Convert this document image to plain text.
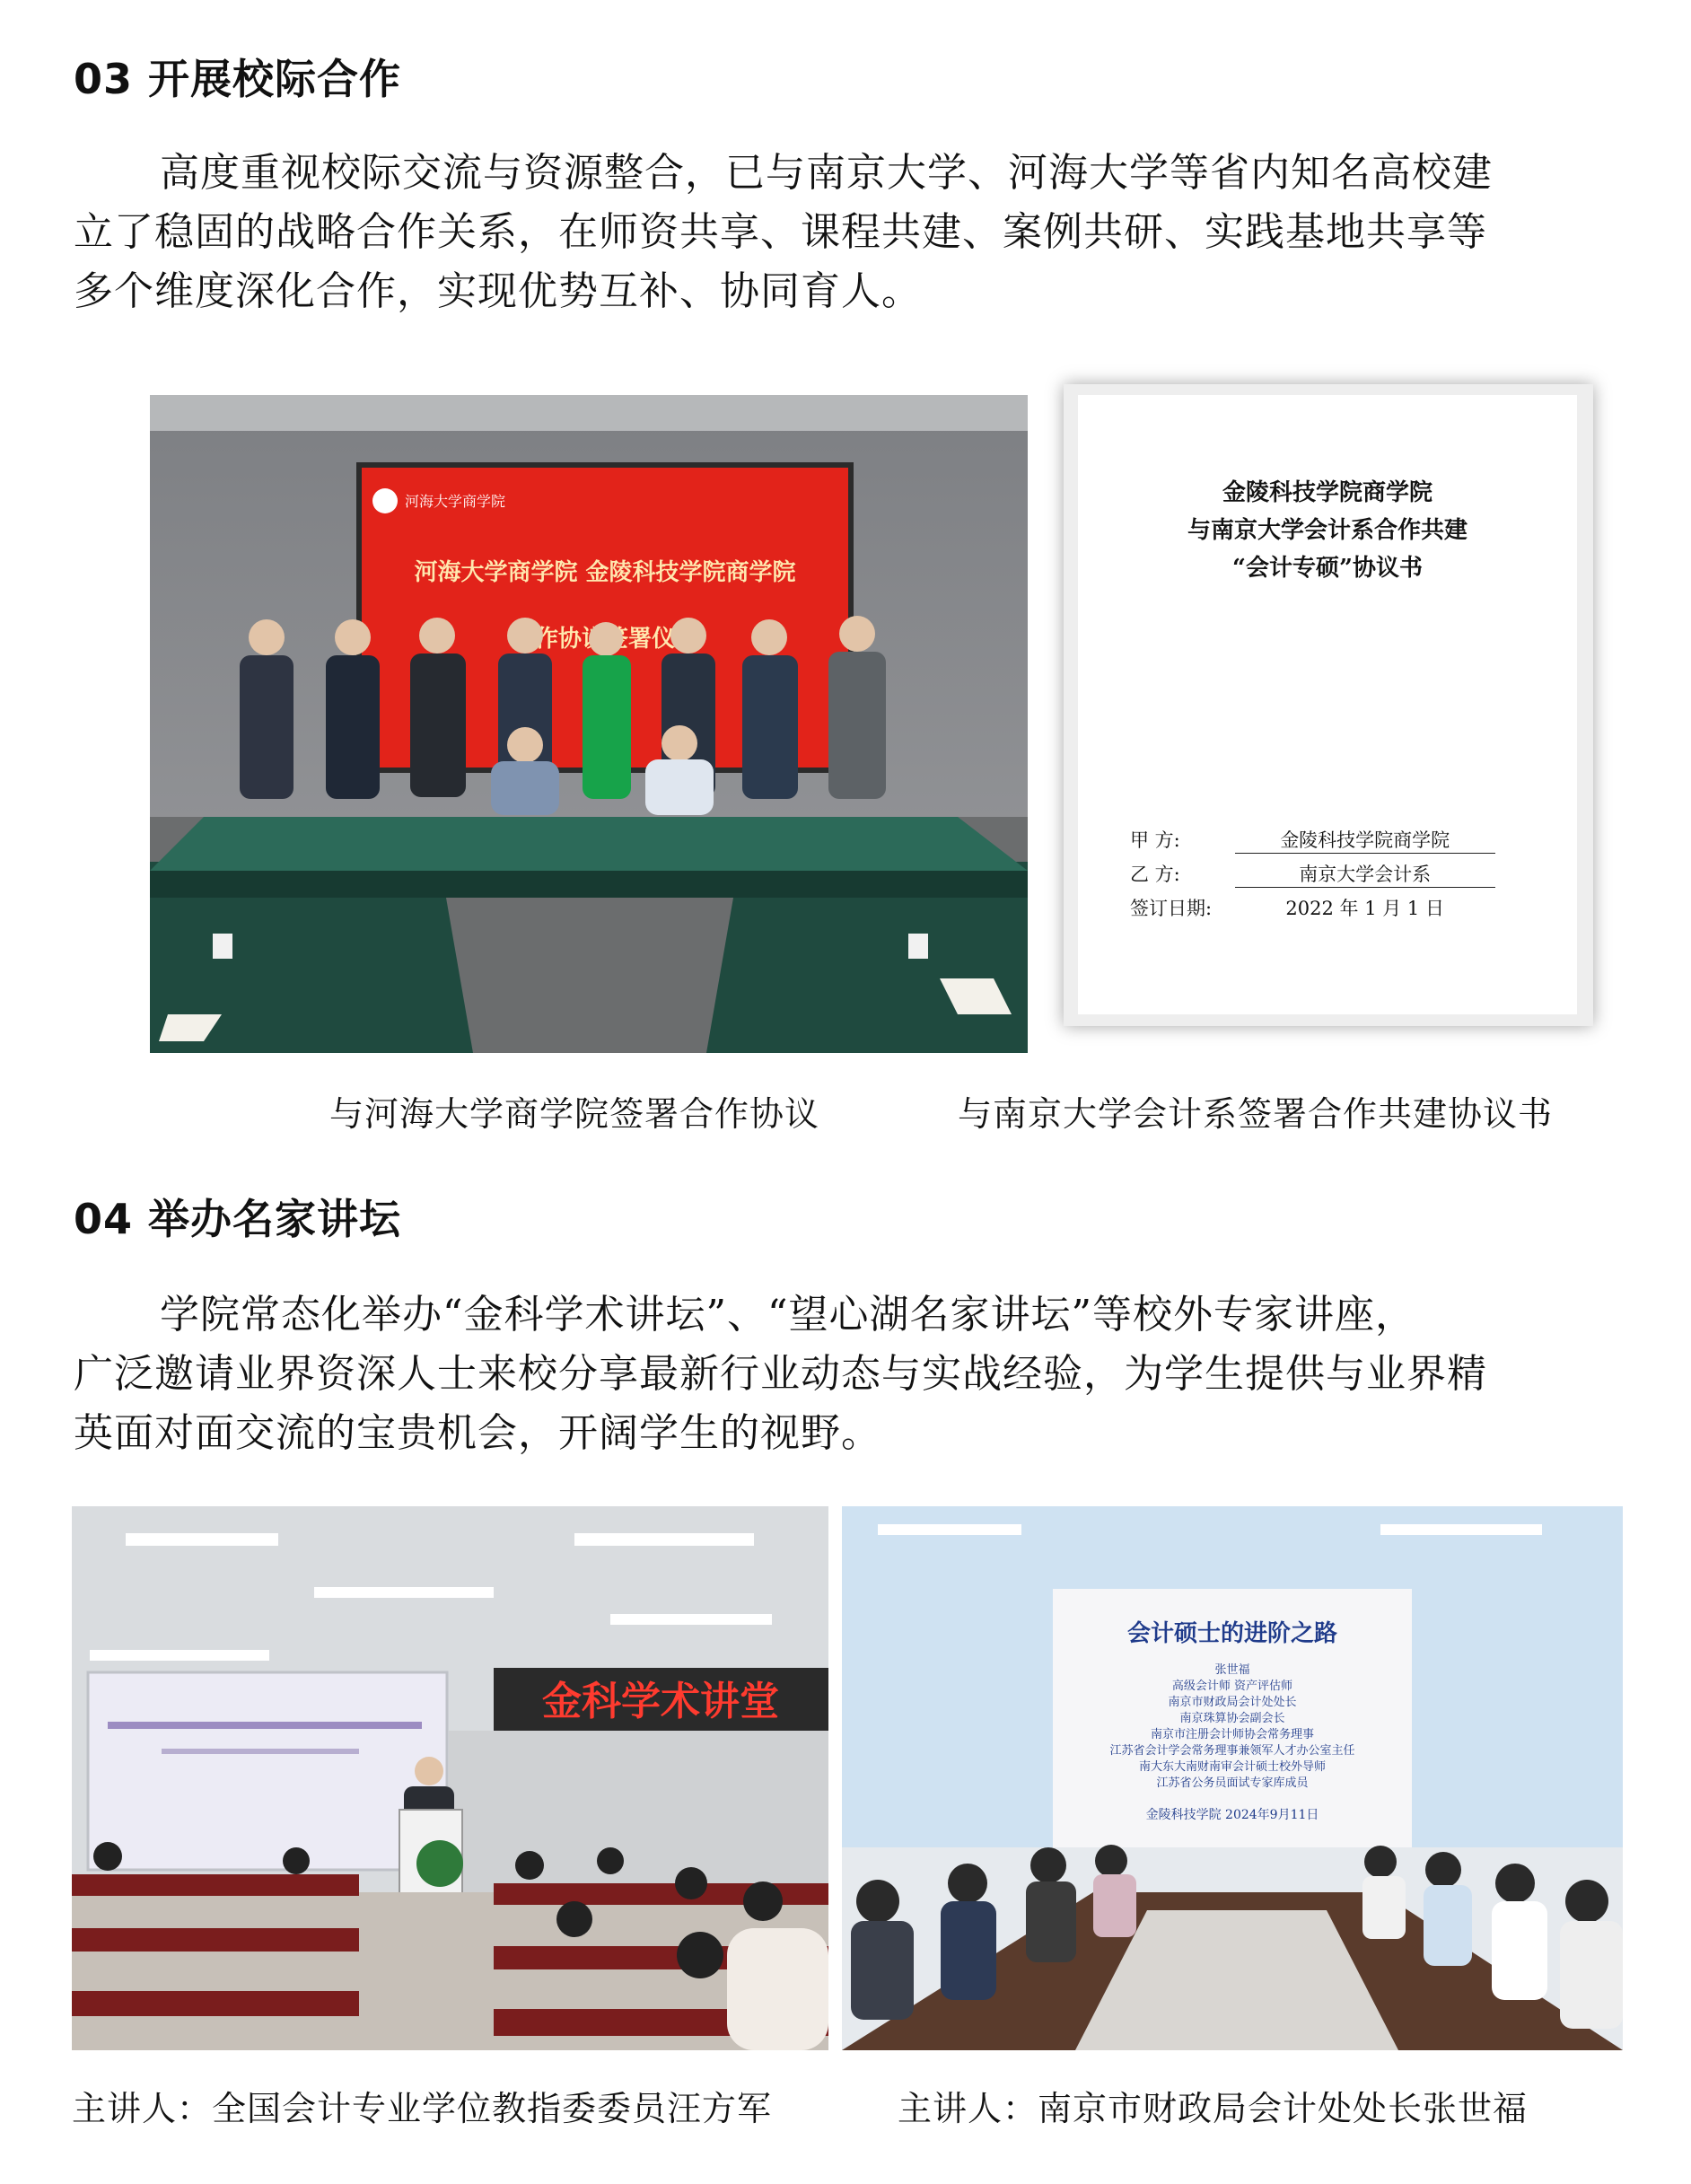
03 开展校际合作
高度重视校际交流与资源整合，已与南京大学、河海大学等省内知名高校建
立了稳固的战略合作关系，在师资共享、课程共建、案例共研、实践基地共享等
多个维度深化合作，实现优势互补、协同育人。
河海大学商学院
河海大学商学院 金陵科技学院商学院
金陵科技学院商学院
与南京大学会计系合作共建
“会计专硕”协议书
甲 方:	金陵科技学院商学院
乙 方:	南京大学会计系
签订日期:	2022 年 1 月 1 日
与河海大学商学院签署合作协议	与南京大学会计系签署合作共建协议书
04 举办名家讲坛
学院常态化举办“金科学术讲坛”、“望心湖名家讲坛”等校外专家讲座，
广泛邀请业界资深人士来校分享最新行业动态与实战经验，为学生提供与业界精
英面对面交流的宝贵机会，开阔学生的视野。
金科学术讲堂
会计硕士的进阶之路
张世福
高级会计师 资产评估师
南京市财政局会计处处长
南京珠算协会副会长
南京市注册会计师协会常务理事
江苏省会计学会常务理事兼领军人才办公室主任
南大东大南财南审会计硕士校外导师
江苏省公务员面试专家库成员
金陵科技学院 2024年9月11日
主讲人：全国会计专业学位教指委委员汪方军	主讲人：南京市财政局会计处处长张世福
